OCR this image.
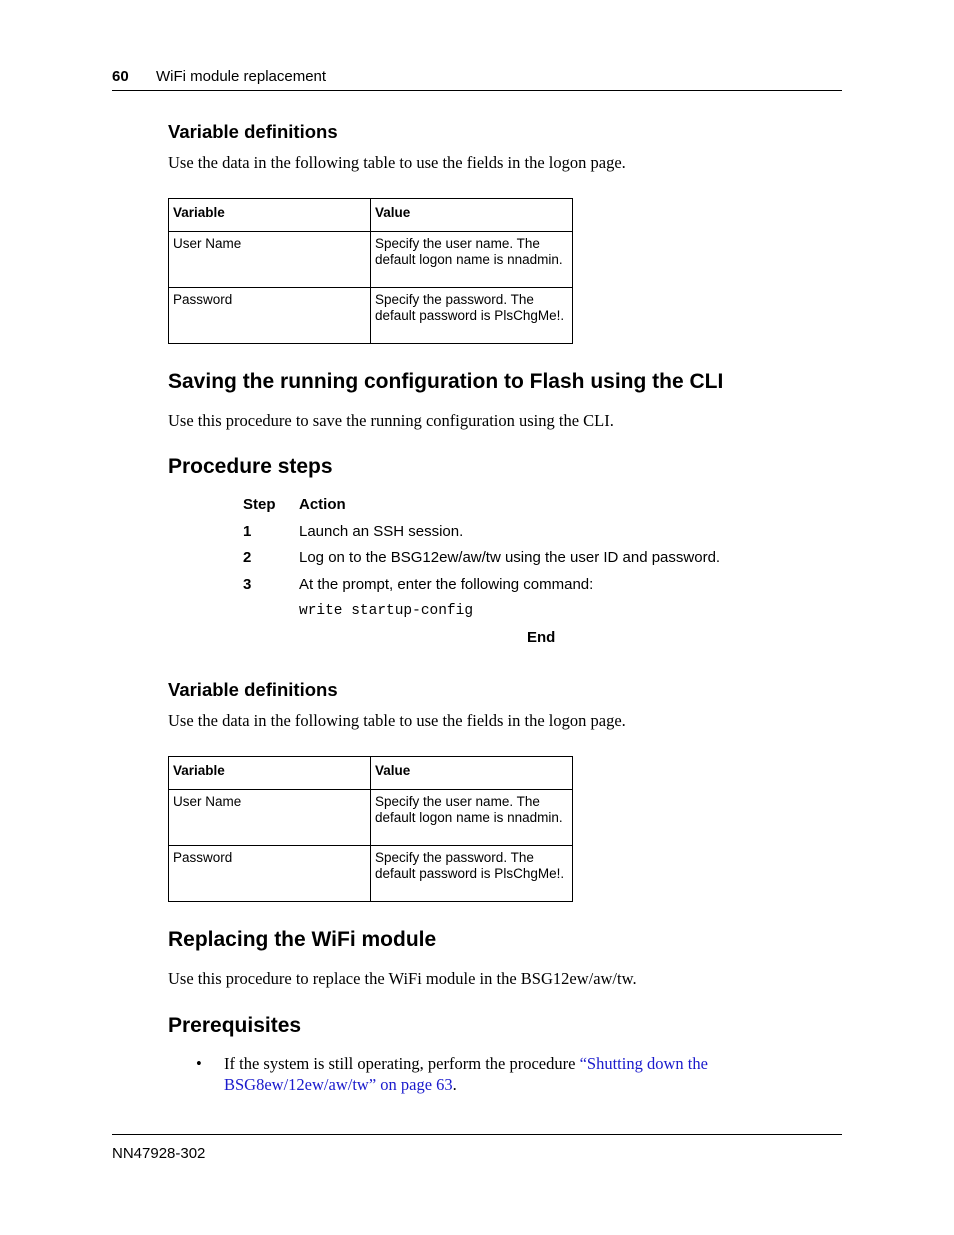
60 WiFi module replacement
Variable definitions
Use the data in the following table to use the fields in the logon page.
Variable	Value
User Name	Specify the user name. The default logon name is nnadmin.
Password	Specify the password. The default password is PlsChgMe!.
Saving the running configuration to Flash using the CLI
Use this procedure to save the running configuration using the CLI.
Procedure steps
Step Action
1	Launch an SSH session.
2	Log on to the BSG12ew/aw/tw using the user ID and password.
3	At the prompt, enter the following command:
write startup-config
End
Variable definitions
Use the data in the following table to use the fields in the logon page.
Variable	Value
User Name	Specify the user name. The default logon name is nnadmin.
Password	Specify the password. The default password is PlsChgMe!.
Replacing the WiFi module
Use this procedure to replace the WiFi module in the BSG12ew/aw/tw.
Prerequisites
• If the system is still operating, perform the procedure “Shutting down the BSG8ew/12ew/aw/tw” on page 63.
NN47928-302
